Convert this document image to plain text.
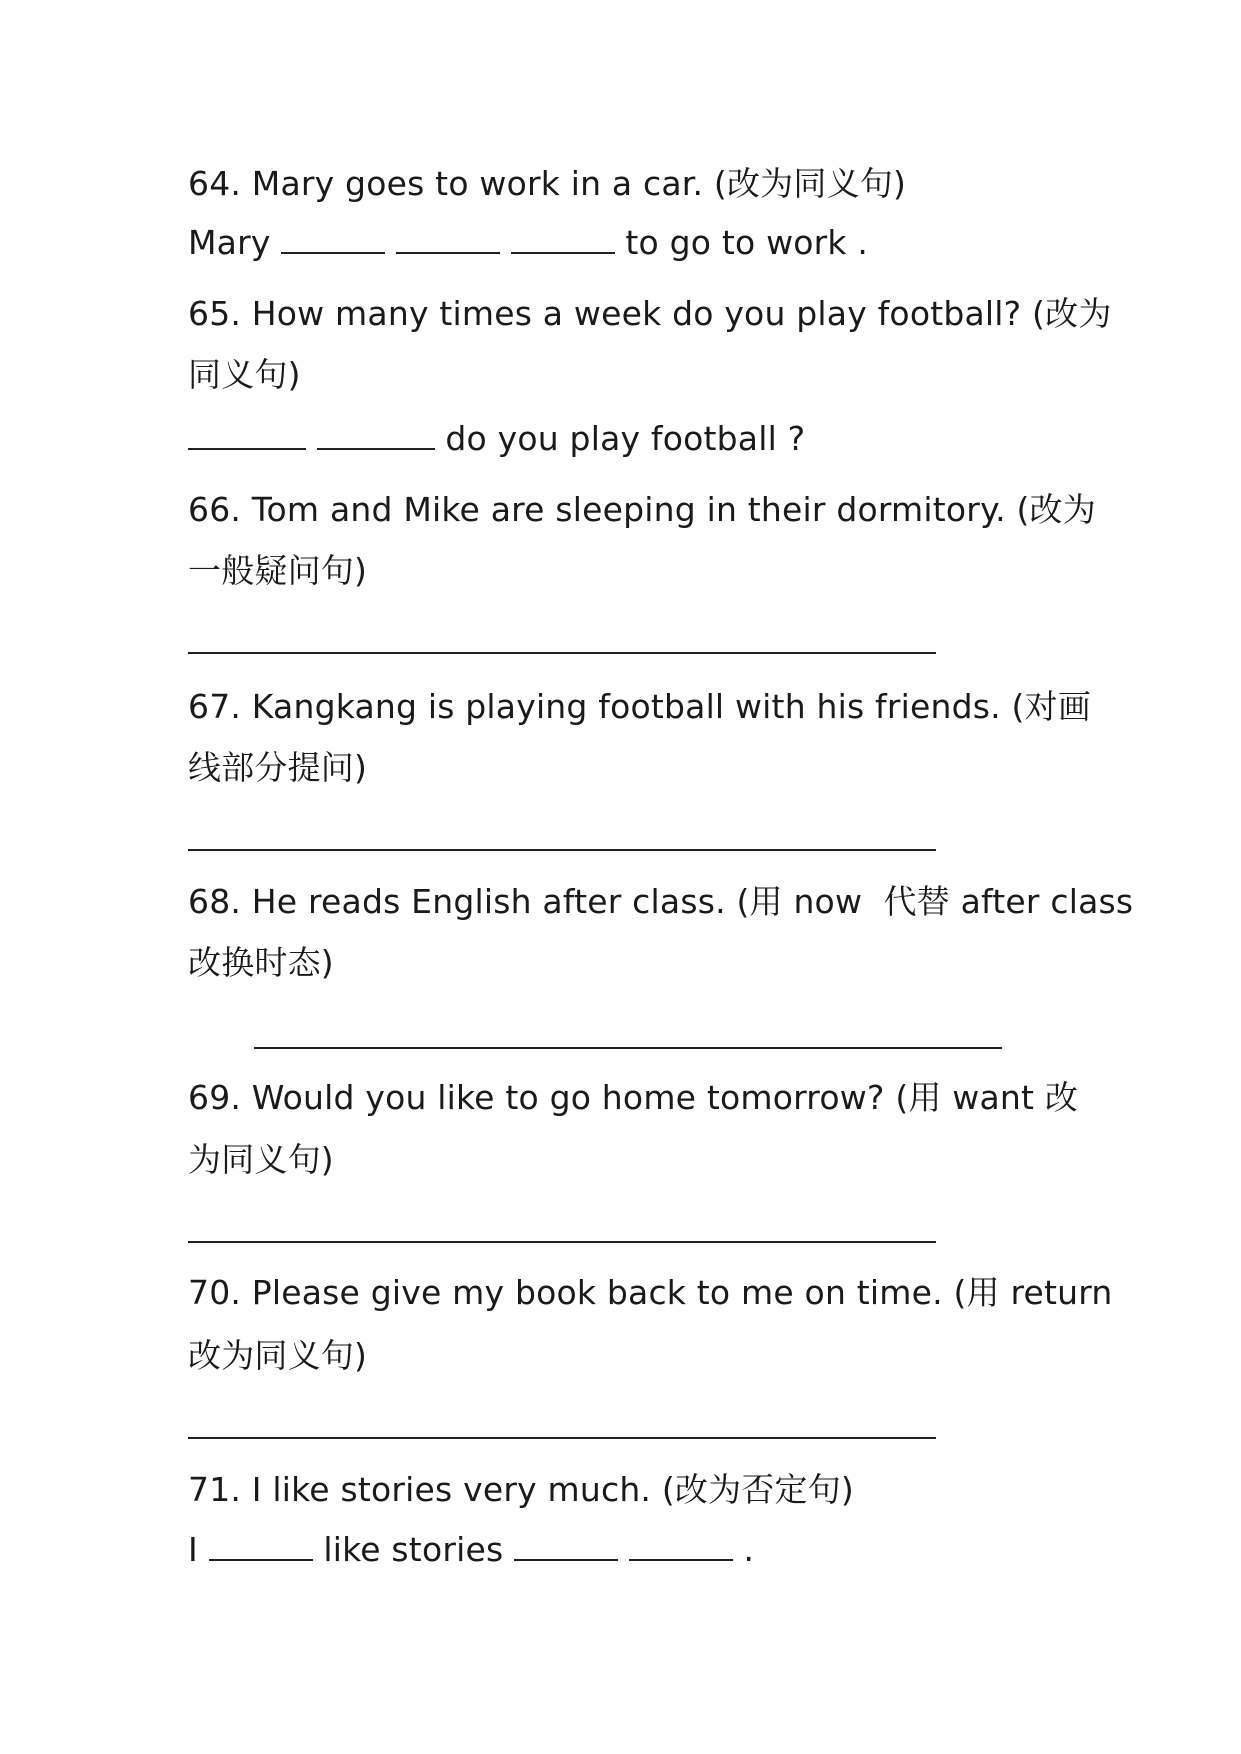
64. Mary goes to work in a car. (改为同义句)
Mary	to go to work .
65. How many times a week do you play football? (改为
同义句)
do you play football ?
66. Tom and Mike are sleeping in their dormitory. (改为
一般疑问句)
67. Kangkang is playing football with his friends. (对画
线部分提问)
68. He reads English after class. (用 now  代替 after class
改换时态)
69. Would you like to go home tomorrow? (用 want 改
为同义句)
70. Please give my book back to me on time. (用 return
改为同义句)
71. I like stories very much. (改为否定句)
I	like stories	.
